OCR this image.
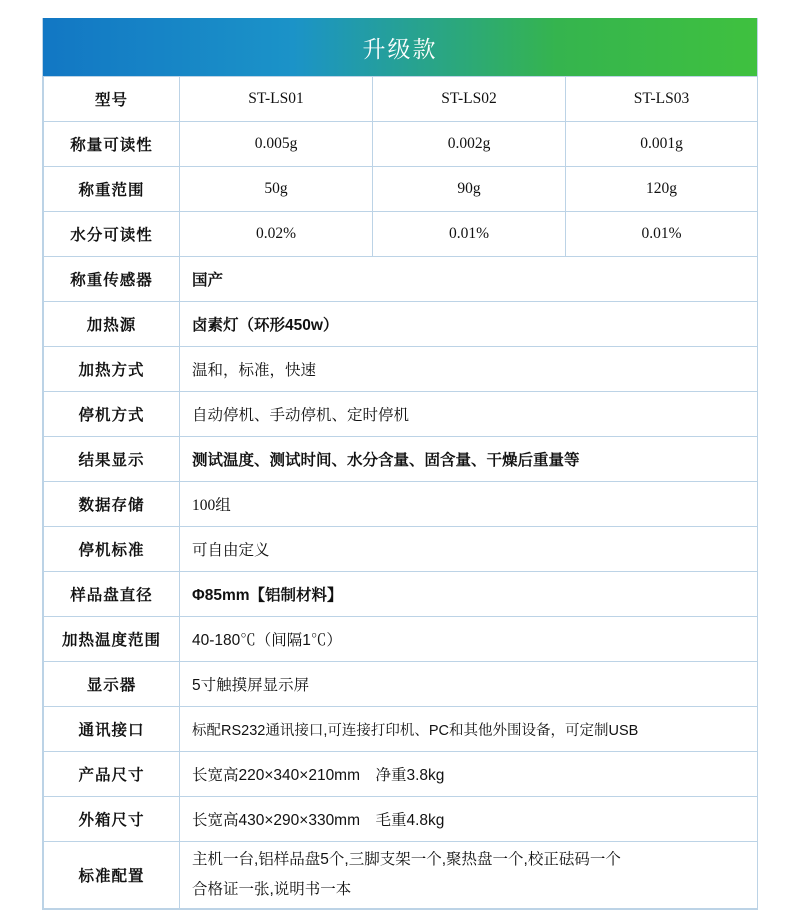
升级款
型号	ST-LS01	ST-LS02	ST-LS03
称量可读性	0.005g	0.002g	0.001g
称重范围	50g	90g	120g
水分可读性	0.02%	0.01%	0.01%
称重传感器	国产		
加热源	卤素灯（环形450w）		
加热方式	温和，标准，快速		
停机方式	自动停机、手动停机、定时停机		
结果显示	测试温度、测试时间、水分含量、固含量、干燥后重量等		
数据存储	100组		
停机标准	可自由定义		
样品盘直径	Φ85mm【铝制材料】		
加热温度范围	40-180℃（间隔1℃）		
显示器	5寸触摸屏显示屏		
通讯接口	标配RS232通讯接口,可连接打印机、PC和其他外围设备，可定制USB		
产品尺寸	长宽高220×340×210mm　净重3.8kg		
外箱尺寸	长宽高430×290×330mm　毛重4.8kg		
标准配置	主机一台,铝样品盘5个,三脚支架一个,聚热盘一个,校正砝码一个
合格证一张,说明书一本		
